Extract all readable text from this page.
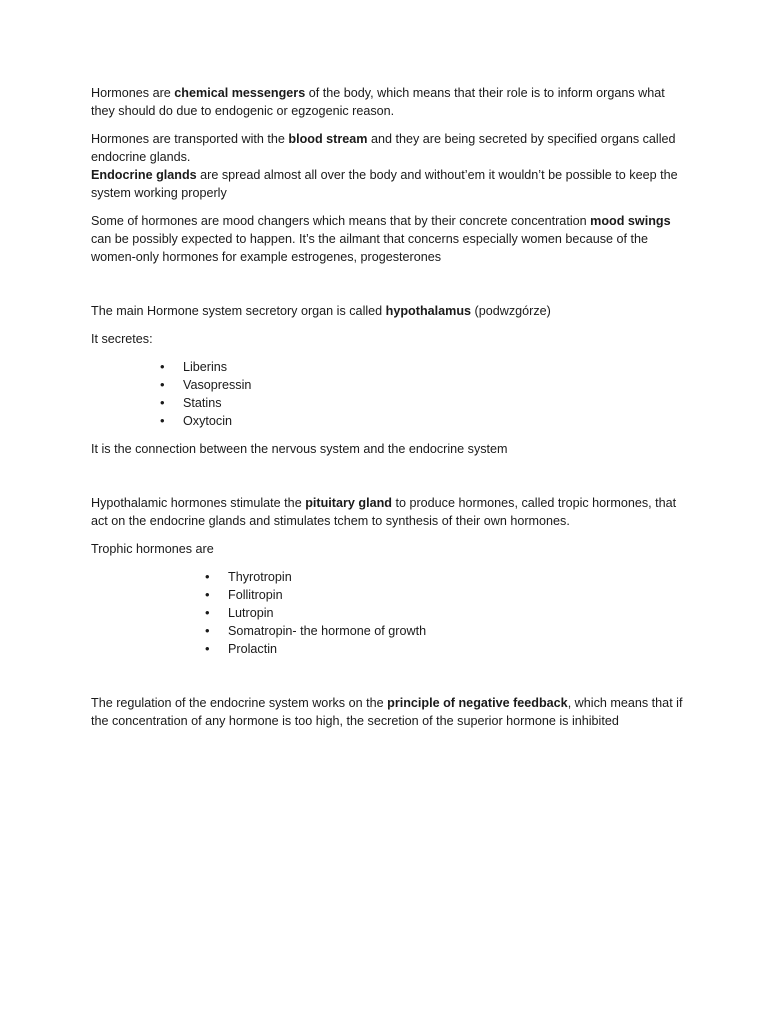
Hormones are chemical messengers of the body, which means that their role is to inform organs what they should do due to endogenic or egzogenic reason.

Hormones are transported with the blood stream and they are being secreted by specified organs called endocrine glands.

Endocrine glands are spread almost all over the body and without’em it wouldn’t be possible to keep the system working properly

Some of hormones are mood changers which means that by their concrete concentration mood swings can be possibly expected to happen. It’s the ailmant that concerns especially women because of the women-only hormones for example estrogenes, progesterones

The main Hormone system secretory organ is called hypothalamus (podwzgórze)

It secretes:

• Liberins
• Vasopressin
• Statins
• Oxytocin

It is the connection between the nervous system and the endocrine system

Hypothalamic hormones stimulate the pituitary gland to produce hormones, called tropic hormones, that act on the endocrine glands and stimulates tchem to synthesis of their own hormones.

Trophic hormones are

• Thyrotropin
• Follitropin
• Lutropin
• Somatropin- the hormone of growth
• Prolactin

The regulation of the endocrine system works on the principle of negative feedback, which means that if the concentration of any hormone is too high, the secretion of the superior hormone is inhibited
